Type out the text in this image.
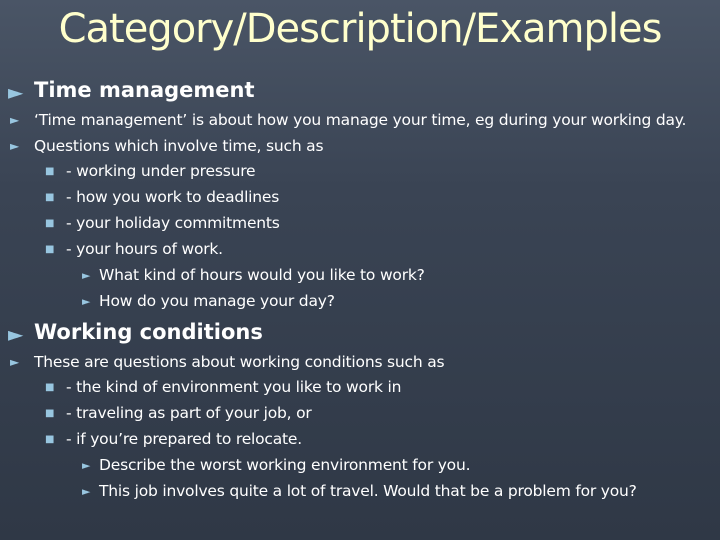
Category/Description/Examples
► Time management
► ‘Time management’ is about how you manage your time, eg during your working day.
► Questions which involve time, such as
■ - working under pressure
■ - how you work to deadlines
■ - your holiday commitments
■ - your hours of work.
► What kind of hours would you like to work?
► How do you manage your day?
► Working conditions
► These are questions about working conditions such as
■ - the kind of environment you like to work in
■ - traveling as part of your job, or
■ - if you’re prepared to relocate.
► Describe the worst working environment for you.
► This job involves quite a lot of travel. Would that be a problem for you?
